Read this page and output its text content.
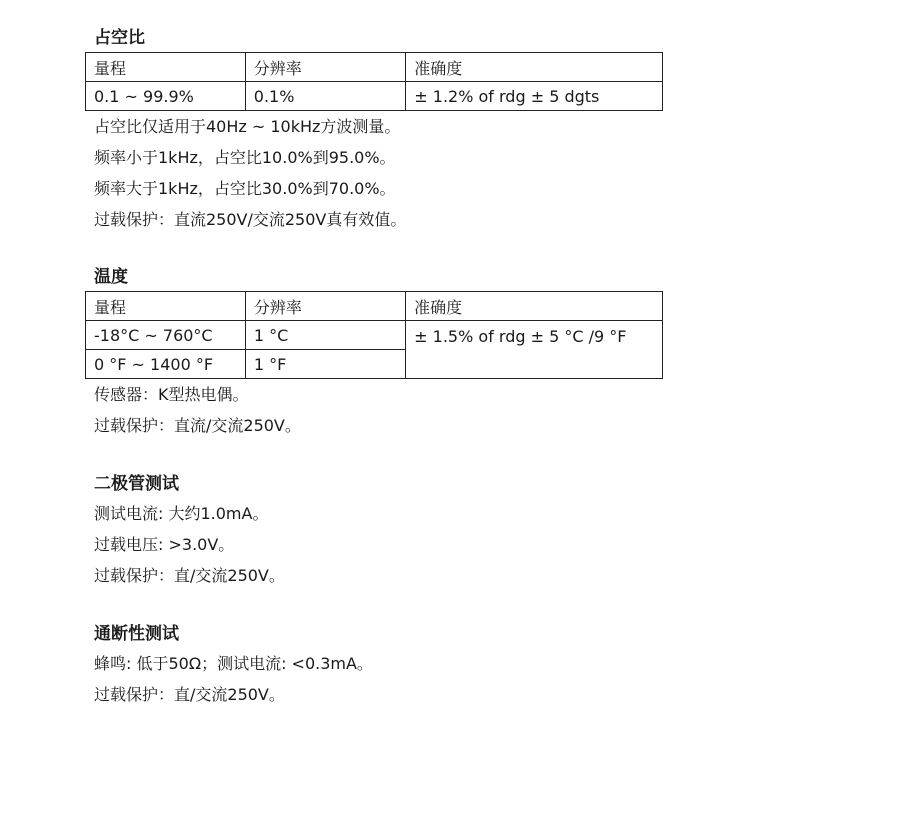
占空比
量程	分辨率	准确度
0.1 ~ 99.9%	0.1%	± 1.2% of rdg ± 5 dgts
占空比仅适用于40Hz ~ 10kHz方波测量。
频率小于1kHz，占空比10.0%到95.0%。
频率大于1kHz，占空比30.0%到70.0%。
过载保护：直流250V/交流250V真有效值。
温度
量程	分辨率	准确度
-18°C ~ 760°C	1 °C	± 1.5% of rdg ± 5 °C /9 °F
0 °F ~ 1400 °F	1 °F	
传感器：K型热电偶。
过载保护：直流/交流250V。
二极管测试
测试电流: 大约1.0mA。
过载电压: >3.0V。
过载保护：直/交流250V。
通断性测试
蜂鸣: 低于50Ω；测试电流: <0.3mA。
过载保护：直/交流250V。
